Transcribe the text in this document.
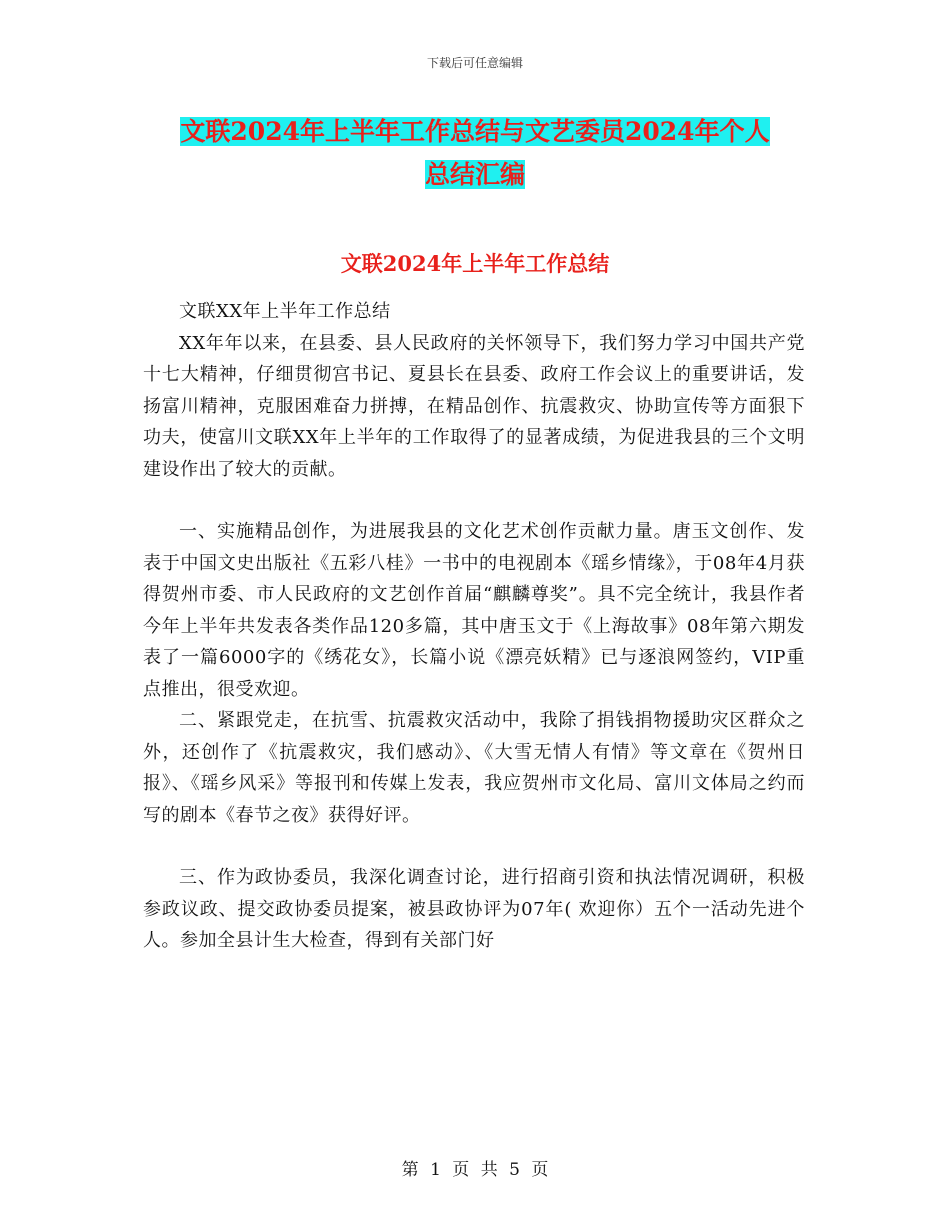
下载后可任意编辑
文联2024年上半年工作总结与文艺委员2024年个人
总结汇编
文联2024年上半年工作总结

文联XX年上半年工作总结

XX年年以来，在县委、县人民政府的关怀领导下，我们努力学习中国共产党十七大精神，仔细贯彻宫书记、夏县长在县委、政府工作会议上的重要讲话，发扬富川精神，克服困难奋力拼搏，在精品创作、抗震救灾、协助宣传等方面狠下功夫，使富川文联XX年上半年的工作取得了的显著成绩，为促进我县的三个文明建设作出了较大的贡献。

一、实施精品创作，为进展我县的文化艺术创作贡献力量。唐玉文创作、发表于中国文史出版社《五彩八桂》一书中的电视剧本《瑶乡情缘》，于08年4月获得贺州市委、市人民政府的文艺创作首届“麒麟尊奖”。具不完全统计，我县作者今年上半年共发表各类作品120多篇，其中唐玉文于《上海故事》08年第六期发表了一篇6000字的《绣花女》，长篇小说《漂亮妖精》已与逐浪网签约，VIP重点推出，很受欢迎。

二、紧跟党走，在抗雪、抗震救灾活动中，我除了捐钱捐物援助灾区群众之外，还创作了《抗震救灾，我们感动》、《大雪无情人有情》等文章在《贺州日报》、《瑶乡风采》等报刊和传媒上发表，我应贺州市文化局、富川文体局之约而写的剧本《春节之夜》获得好评。

三、作为政协委员，我深化调查讨论，进行招商引资和执法情况调研，积极参政议政、提交政协委员提案，被县政协评为07年( 欢迎你）五个一活动先进个人。参加全县计生大检查，得到有关部门好

第 1 页 共 5 页
